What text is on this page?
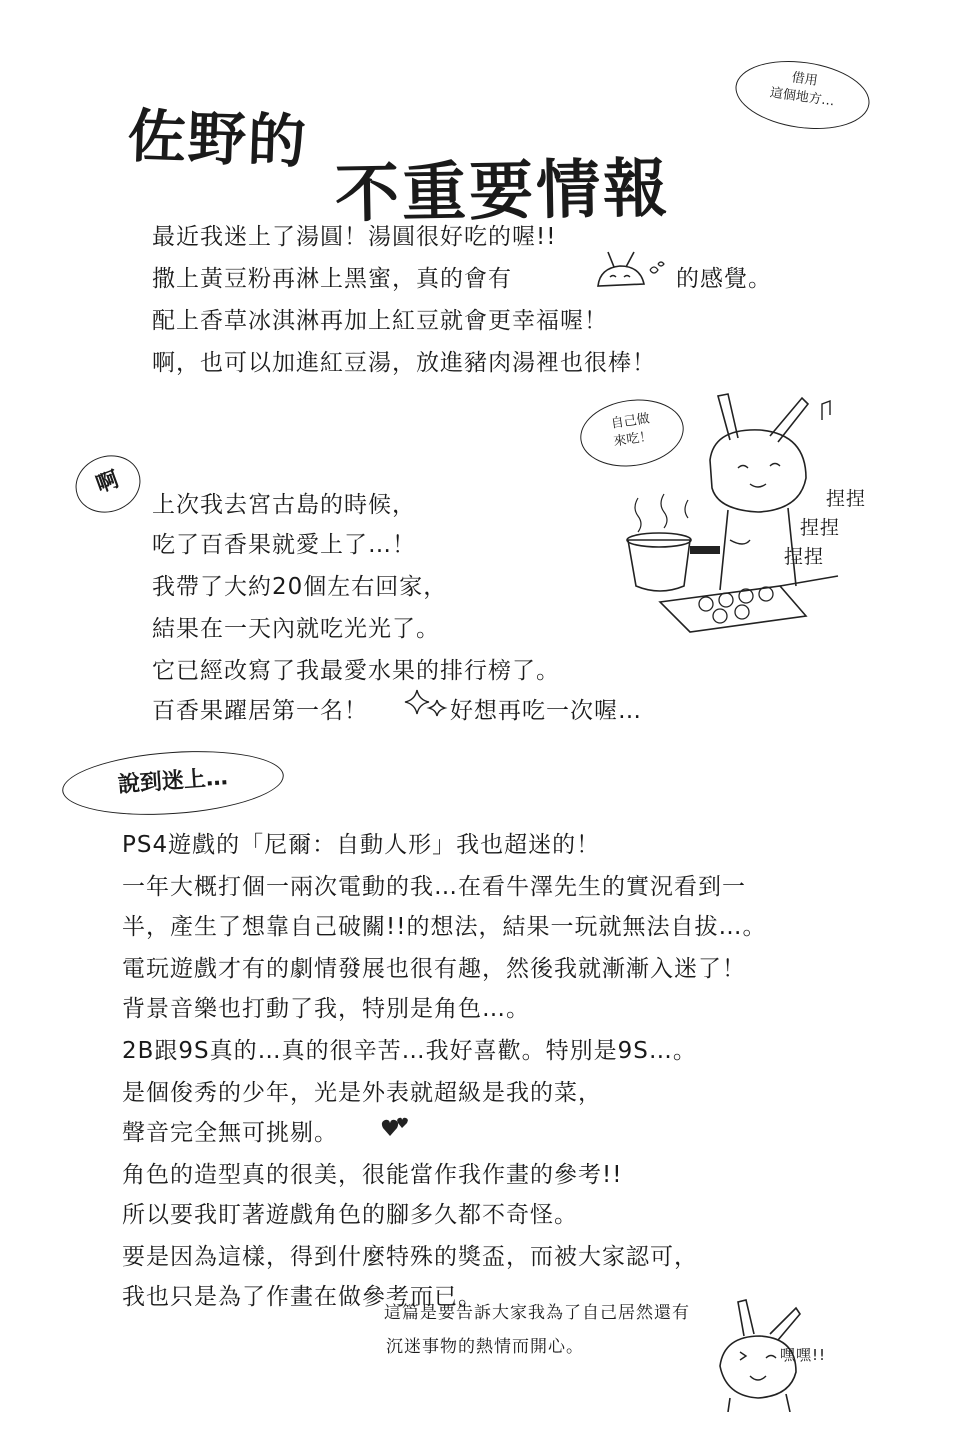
佐野的
不重要情報
借用
這個地方…
最近我迷上了湯圓！湯圓很好吃的喔!!
撒上黃豆粉再淋上黑蜜，真的會有	的感覺。
配上香草冰淇淋再加上紅豆就會更幸福喔！
啊，也可以加進紅豆湯，放進豬肉湯裡也很棒！
啊
自己做
來吃！
捏捏
捏捏
捏捏
上次我去宮古島的時候，
吃了百香果就愛上了…！
我帶了大約20個左右回家，
結果在一天內就吃光光了。
它已經改寫了我最愛水果的排行榜了。
百香果躍居第一名！	好想再吃一次喔…
說到迷上…
PS4遊戲的「尼爾：自動人形」我也超迷的！
一年大概打個一兩次電動的我…在看牛澤先生的實況看到一
半，產生了想靠自己破關!!的想法，結果一玩就無法自拔…。
電玩遊戲才有的劇情發展也很有趣，然後我就漸漸入迷了！
背景音樂也打動了我，特別是角色…。
2B跟9S真的…真的很辛苦…我好喜歡。特別是9S…。
是個俊秀的少年，光是外表就超級是我的菜，
聲音完全無可挑剔。
角色的造型真的很美，很能當作我作畫的參考!!
所以要我盯著遊戲角色的腳多久都不奇怪。
要是因為這樣，得到什麼特殊的獎盃，而被大家認可，
我也只是為了作畫在做參考而已。
這篇是要告訴大家我為了自己居然還有
沉迷事物的熱情而開心。	嘿嘿!!
